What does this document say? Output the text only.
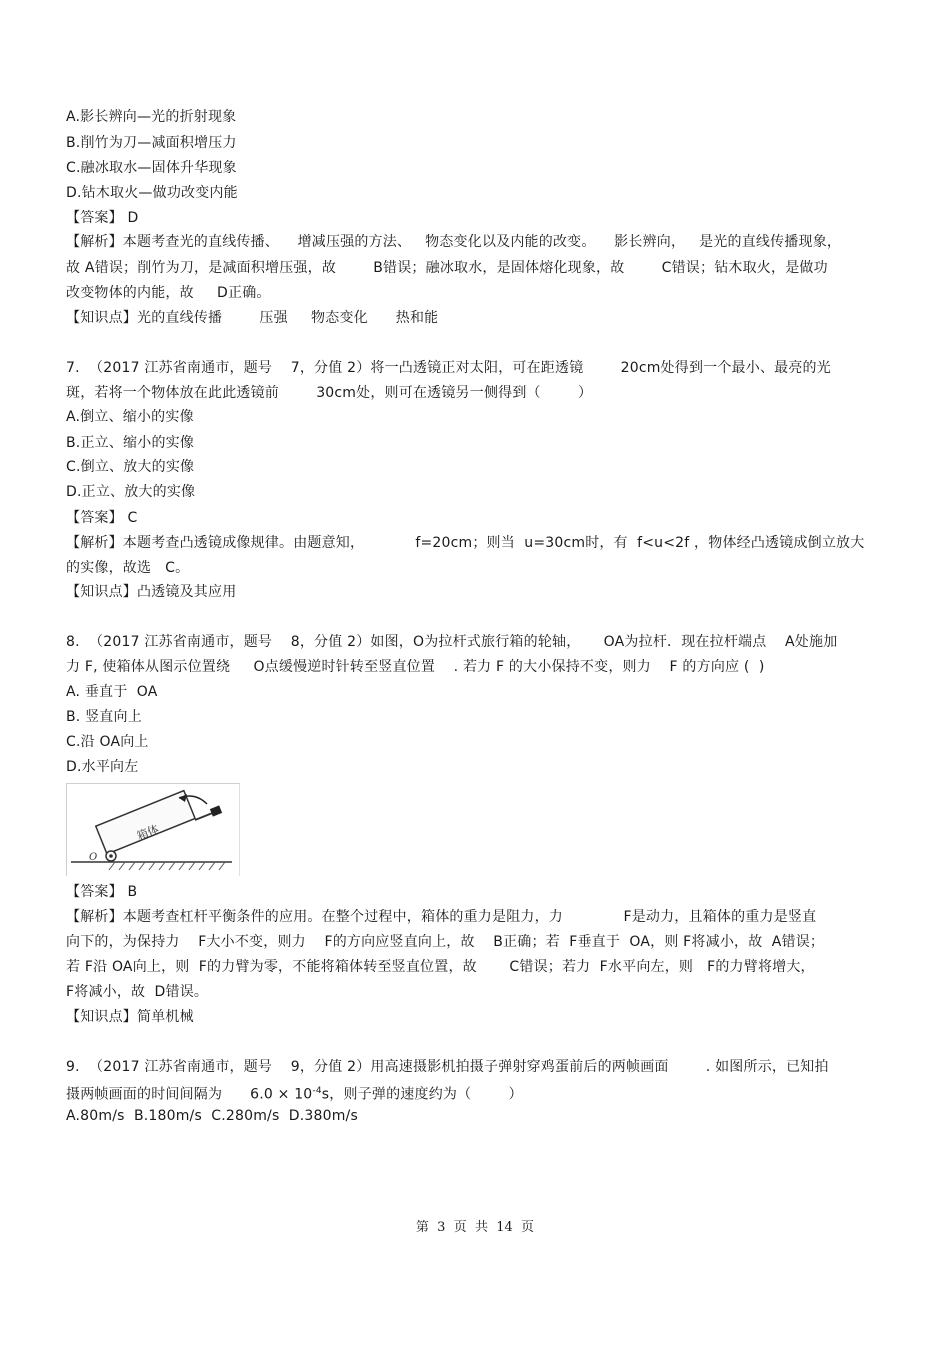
A.影长辨向—光的折射现象
B.削竹为刀—减面积增压力
C.融冰取水—固体升华现象
D.钻木取火—做功改变内能
【答案】 D
【解析】本题考查光的直线传播、    增减压强的方法、   物态变化以及内能的改变。    影长辨向，   是光的直线传播现象，
故 A错误；削竹为刀，是减面积增压强，故        B错误；融冰取水，是固体熔化现象，故        C错误；钻木取火，是做功
改变物体的内能，故     D正确。
【知识点】光的直线传播        压强     物态变化      热和能
7.  （2017 江苏省南通市，题号    7，分值 2）将一凸透镜正对太阳，可在距透镜        20cm处得到一个最小、最亮的光
斑，若将一个物体放在此此透镜前        30cm处，则可在透镜另一侧得到（        ）
A.倒立、缩小的实像
B.正立、缩小的实像
C.倒立、放大的实像
D.正立、放大的实像
【答案】 C
【解析】本题考查凸透镜成像规律。由题意知，           f=20cm；则当  u=30cm时，有  f<u<2f ，物体经凸透镜成倒立放大
的实像，故选   C。
【知识点】凸透镜及其应用
8.  （2017 江苏省南通市，题号    8，分值 2）如图，O为拉杆式旅行箱的轮轴，     OA为拉杆．现在拉杆端点    A处施加
力 F, 使箱体从图示位置绕     O点缓慢逆时针转至竖直位置    . 若力 F 的大小保持不变，则力    F 的方向应 (  )
A. 垂直于  OA
B. 竖直向上
C.沿 OA向上
D.水平向左
箱体
O
【答案】 B
【解析】本题考查杠杆平衡条件的应用。在整个过程中，箱体的重力是阻力，力             F是动力，且箱体的重力是竖直
向下的，为保持力    F大小不变，则力    F的方向应竖直向上，故    B正确；若  F垂直于  OA，则 F将减小，故  A错误；
若 F沿 OA向上，则  F的力臂为零，不能将箱体转至竖直位置，故       C错误；若力  F水平向左，则   F的力臂将增大，
F将减小，故  D错误。
【知识点】简单机械
9.  （2017 江苏省南通市，题号    9，分值 2）用高速摄影机拍摄子弹射穿鸡蛋前后的两帧画面        . 如图所示，已知拍
摄两帧画面的时间间隔为      $6.0 \times 10^{-4}s$，则子弹的速度约为（        ）
A.80m/s  B.180m/s  C.280m/s  D.380m/s
第  3  页  共  14  页
